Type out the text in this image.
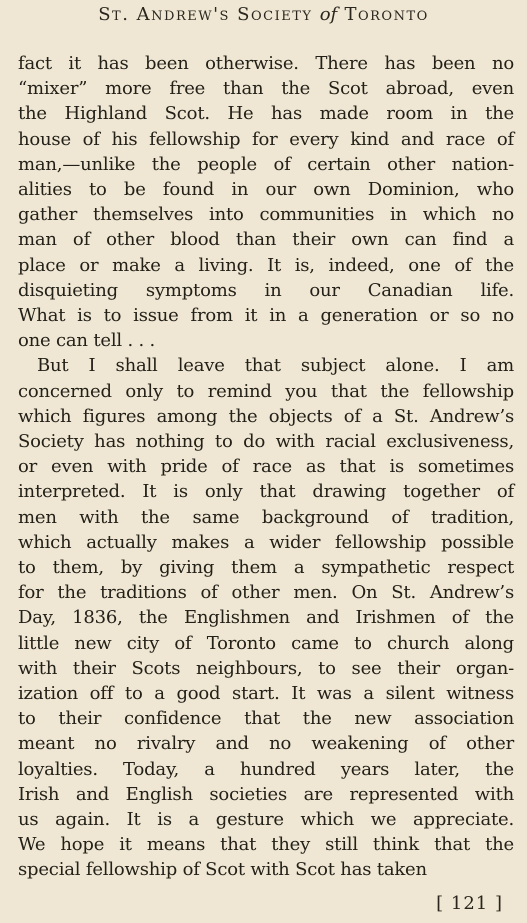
St. Andrew's Society of Toronto
fact it has been otherwise. There has been no
“mixer” more free than the Scot abroad, even
the Highland Scot. He has made room in the
house of his fellowship for every kind and race of
man,—unlike the people of certain other nation-
alities to be found in our own Dominion, who
gather themselves into communities in which no
man of other blood than their own can find a
place or make a living. It is, indeed, one of the
disquieting symptoms in our Canadian life.
What is to issue from it in a generation or so no
one can tell . . .
But I shall leave that subject alone. I am
concerned only to remind you that the fellowship
which figures among the objects of a St. Andrew’s
Society has nothing to do with racial exclusiveness,
or even with pride of race as that is sometimes
interpreted. It is only that drawing together of
men with the same background of tradition,
which actually makes a wider fellowship possible
to them, by giving them a sympathetic respect
for the traditions of other men. On St. Andrew’s
Day, 1836, the Englishmen and Irishmen of the
little new city of Toronto came to church along
with their Scots neighbours, to see their organ-
ization off to a good start. It was a silent witness
to their confidence that the new association
meant no rivalry and no weakening of other
loyalties. Today, a hundred years later, the
Irish and English societies are represented with
us again. It is a gesture which we appreciate.
We hope it means that they still think that the
special fellowship of Scot with Scot has taken
[ 121 ]
